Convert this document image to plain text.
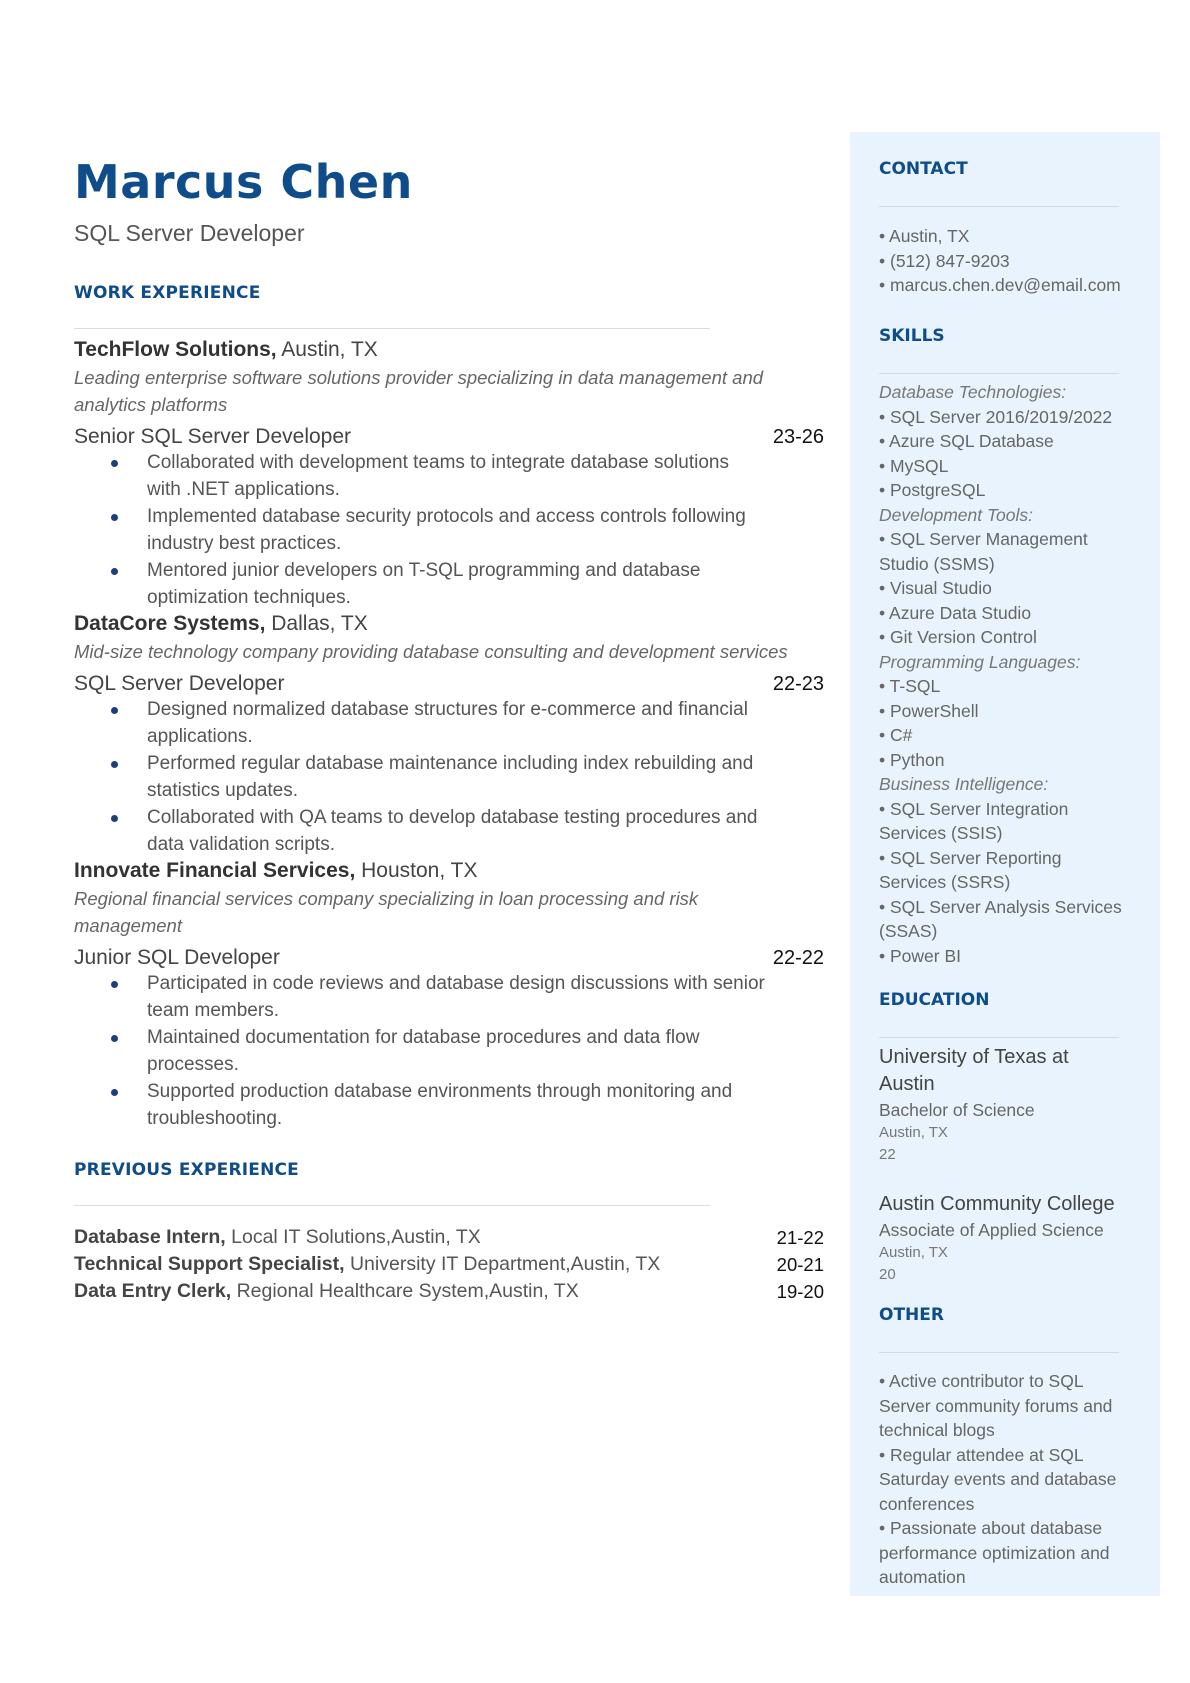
Marcus Chen
SQL Server Developer
WORK EXPERIENCE
TechFlow Solutions, Austin, TX
Leading enterprise software solutions provider specializing in data management and
analytics platforms
Senior SQL Server Developer	23-26
Collaborated with development teams to integrate database solutions
with .NET applications.
Implemented database security protocols and access controls following
industry best practices.
Mentored junior developers on T-SQL programming and database
optimization techniques.
DataCore Systems, Dallas, TX
Mid-size technology company providing database consulting and development services
SQL Server Developer	22-23
Designed normalized database structures for e-commerce and financial
applications.
Performed regular database maintenance including index rebuilding and
statistics updates.
Collaborated with QA teams to develop database testing procedures and
data validation scripts.
Innovate Financial Services, Houston, TX
Regional financial services company specializing in loan processing and risk
management
Junior SQL Developer	22-22
Participated in code reviews and database design discussions with senior
team members.
Maintained documentation for database procedures and data flow
processes.
Supported production database environments through monitoring and
troubleshooting.
PREVIOUS EXPERIENCE
Database Intern, Local IT Solutions,Austin, TX	21-22
Technical Support Specialist, University IT Department,Austin, TX	20-21
Data Entry Clerk, Regional Healthcare System,Austin, TX	19-20
CONTACT
• Austin, TX
• (512) 847-9203
• marcus.chen.dev@email.com
SKILLS
Database Technologies:
• SQL Server 2016/2019/2022
• Azure SQL Database
• MySQL
• PostgreSQL
Development Tools:
• SQL Server Management
Studio (SSMS)
• Visual Studio
• Azure Data Studio
• Git Version Control
Programming Languages:
• T-SQL
• PowerShell
• C#
• Python
Business Intelligence:
• SQL Server Integration
Services (SSIS)
• SQL Server Reporting
Services (SSRS)
• SQL Server Analysis Services
(SSAS)
• Power BI
EDUCATION
University of Texas at
Austin
Bachelor of Science
Austin, TX
22
Austin Community College
Associate of Applied Science
Austin, TX
20
OTHER
• Active contributor to SQL
Server community forums and
technical blogs
• Regular attendee at SQL
Saturday events and database
conferences
• Passionate about database
performance optimization and
automation
